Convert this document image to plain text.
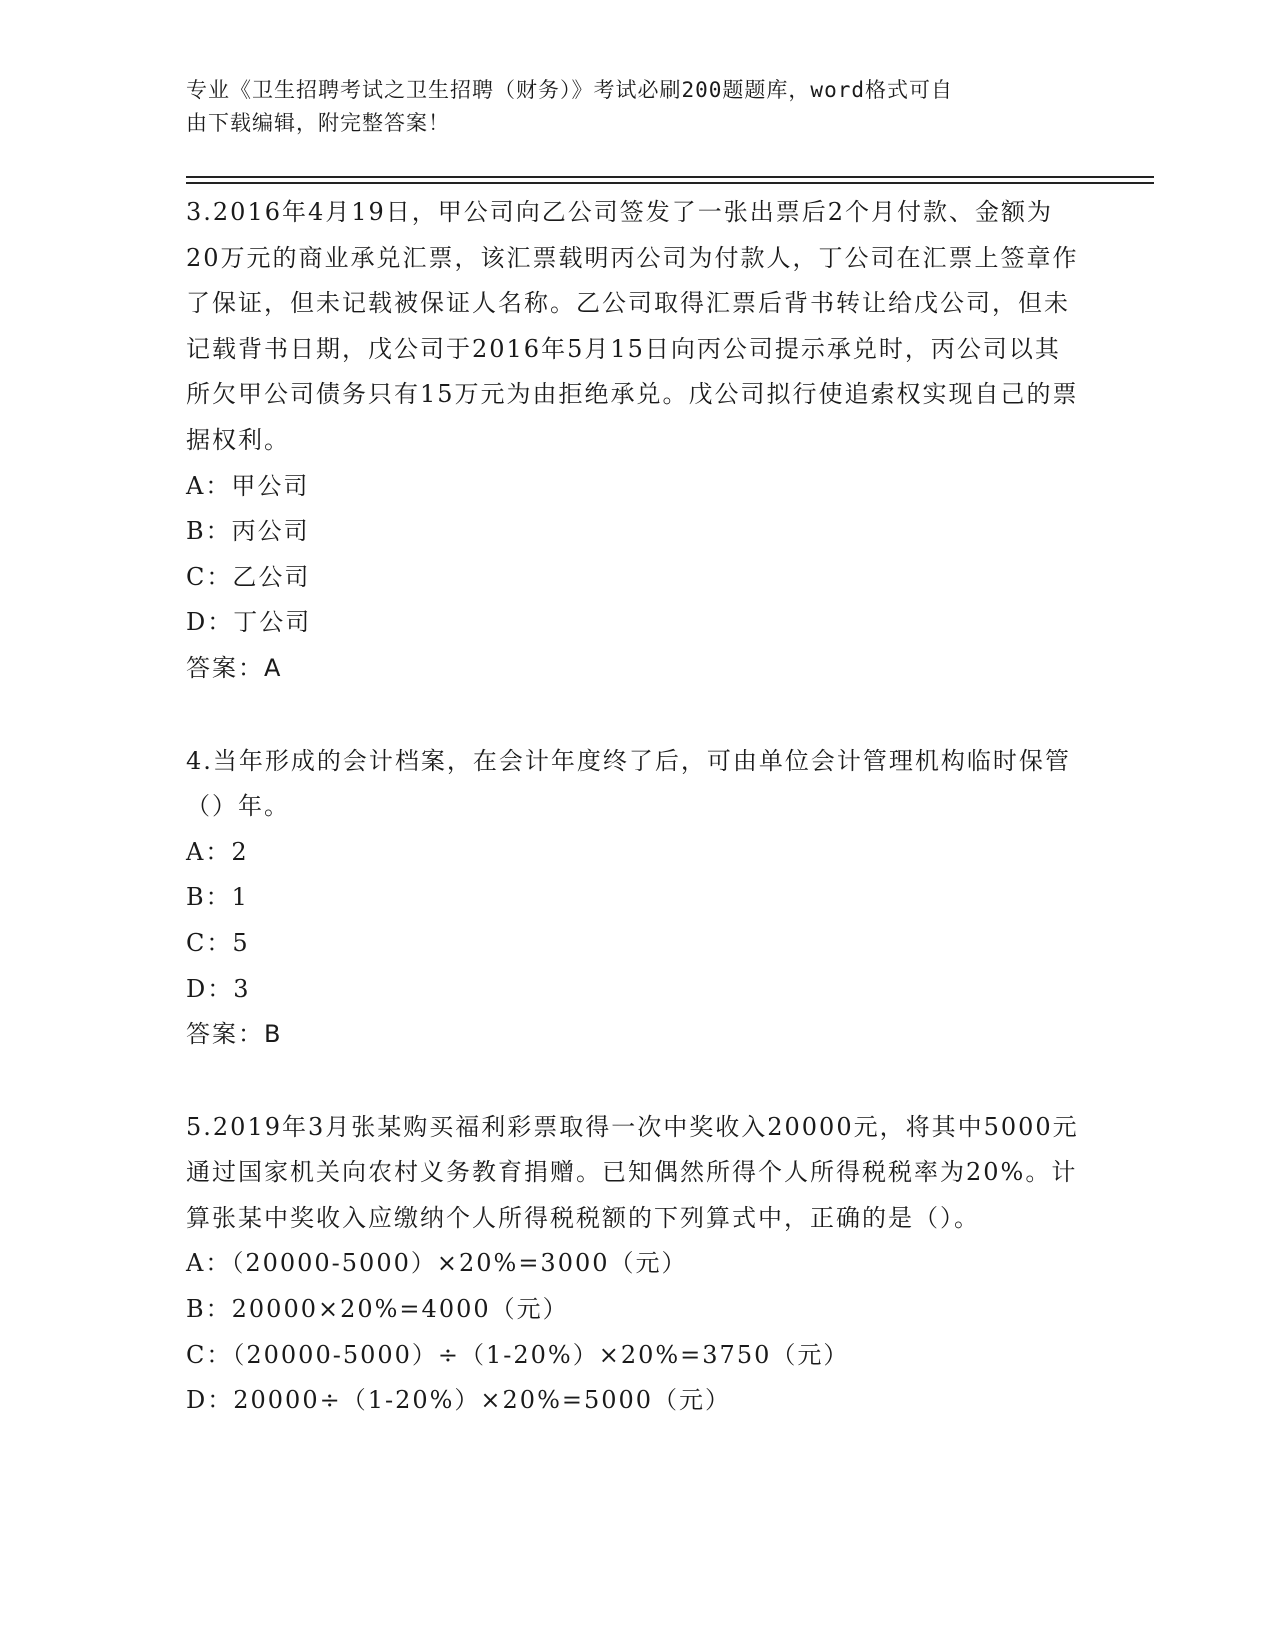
专业《卫生招聘考试之卫生招聘（财务）》考试必刷200题题库，word格式可自
由下载编辑，附完整答案！

3.2016年4月19日，甲公司向乙公司签发了一张出票后2个月付款、金额为20万元的商业承兑汇票，该汇票载明丙公司为付款人，丁公司在汇票上签章作了保证，但未记载被保证人名称。乙公司取得汇票后背书转让给戊公司，但未记载背书日期，戊公司于2016年5月15日向丙公司提示承兑时，丙公司以其所欠甲公司债务只有15万元为由拒绝承兑。戊公司拟行使追索权实现自己的票据权利。

A：甲公司
B：丙公司
C：乙公司
D：丁公司

答案：A

4.当年形成的会计档案，在会计年度终了后，可由单位会计管理机构临时保管（）年。

A：2
B：1
C：5
D：3

答案：B

5.2019年3月张某购买福利彩票取得一次中奖收入20000元，将其中5000元通过国家机关向农村义务教育捐赠。已知偶然所得个人所得税税率为20%。计算张某中奖收入应缴纳个人所得税税额的下列算式中，正确的是（）。

A：（20000-5000）×20%=3000（元）
B：20000×20%=4000（元）
C：（20000-5000）÷（1-20%）×20%=3750（元）
D：20000÷（1-20%）×20%=5000（元）
